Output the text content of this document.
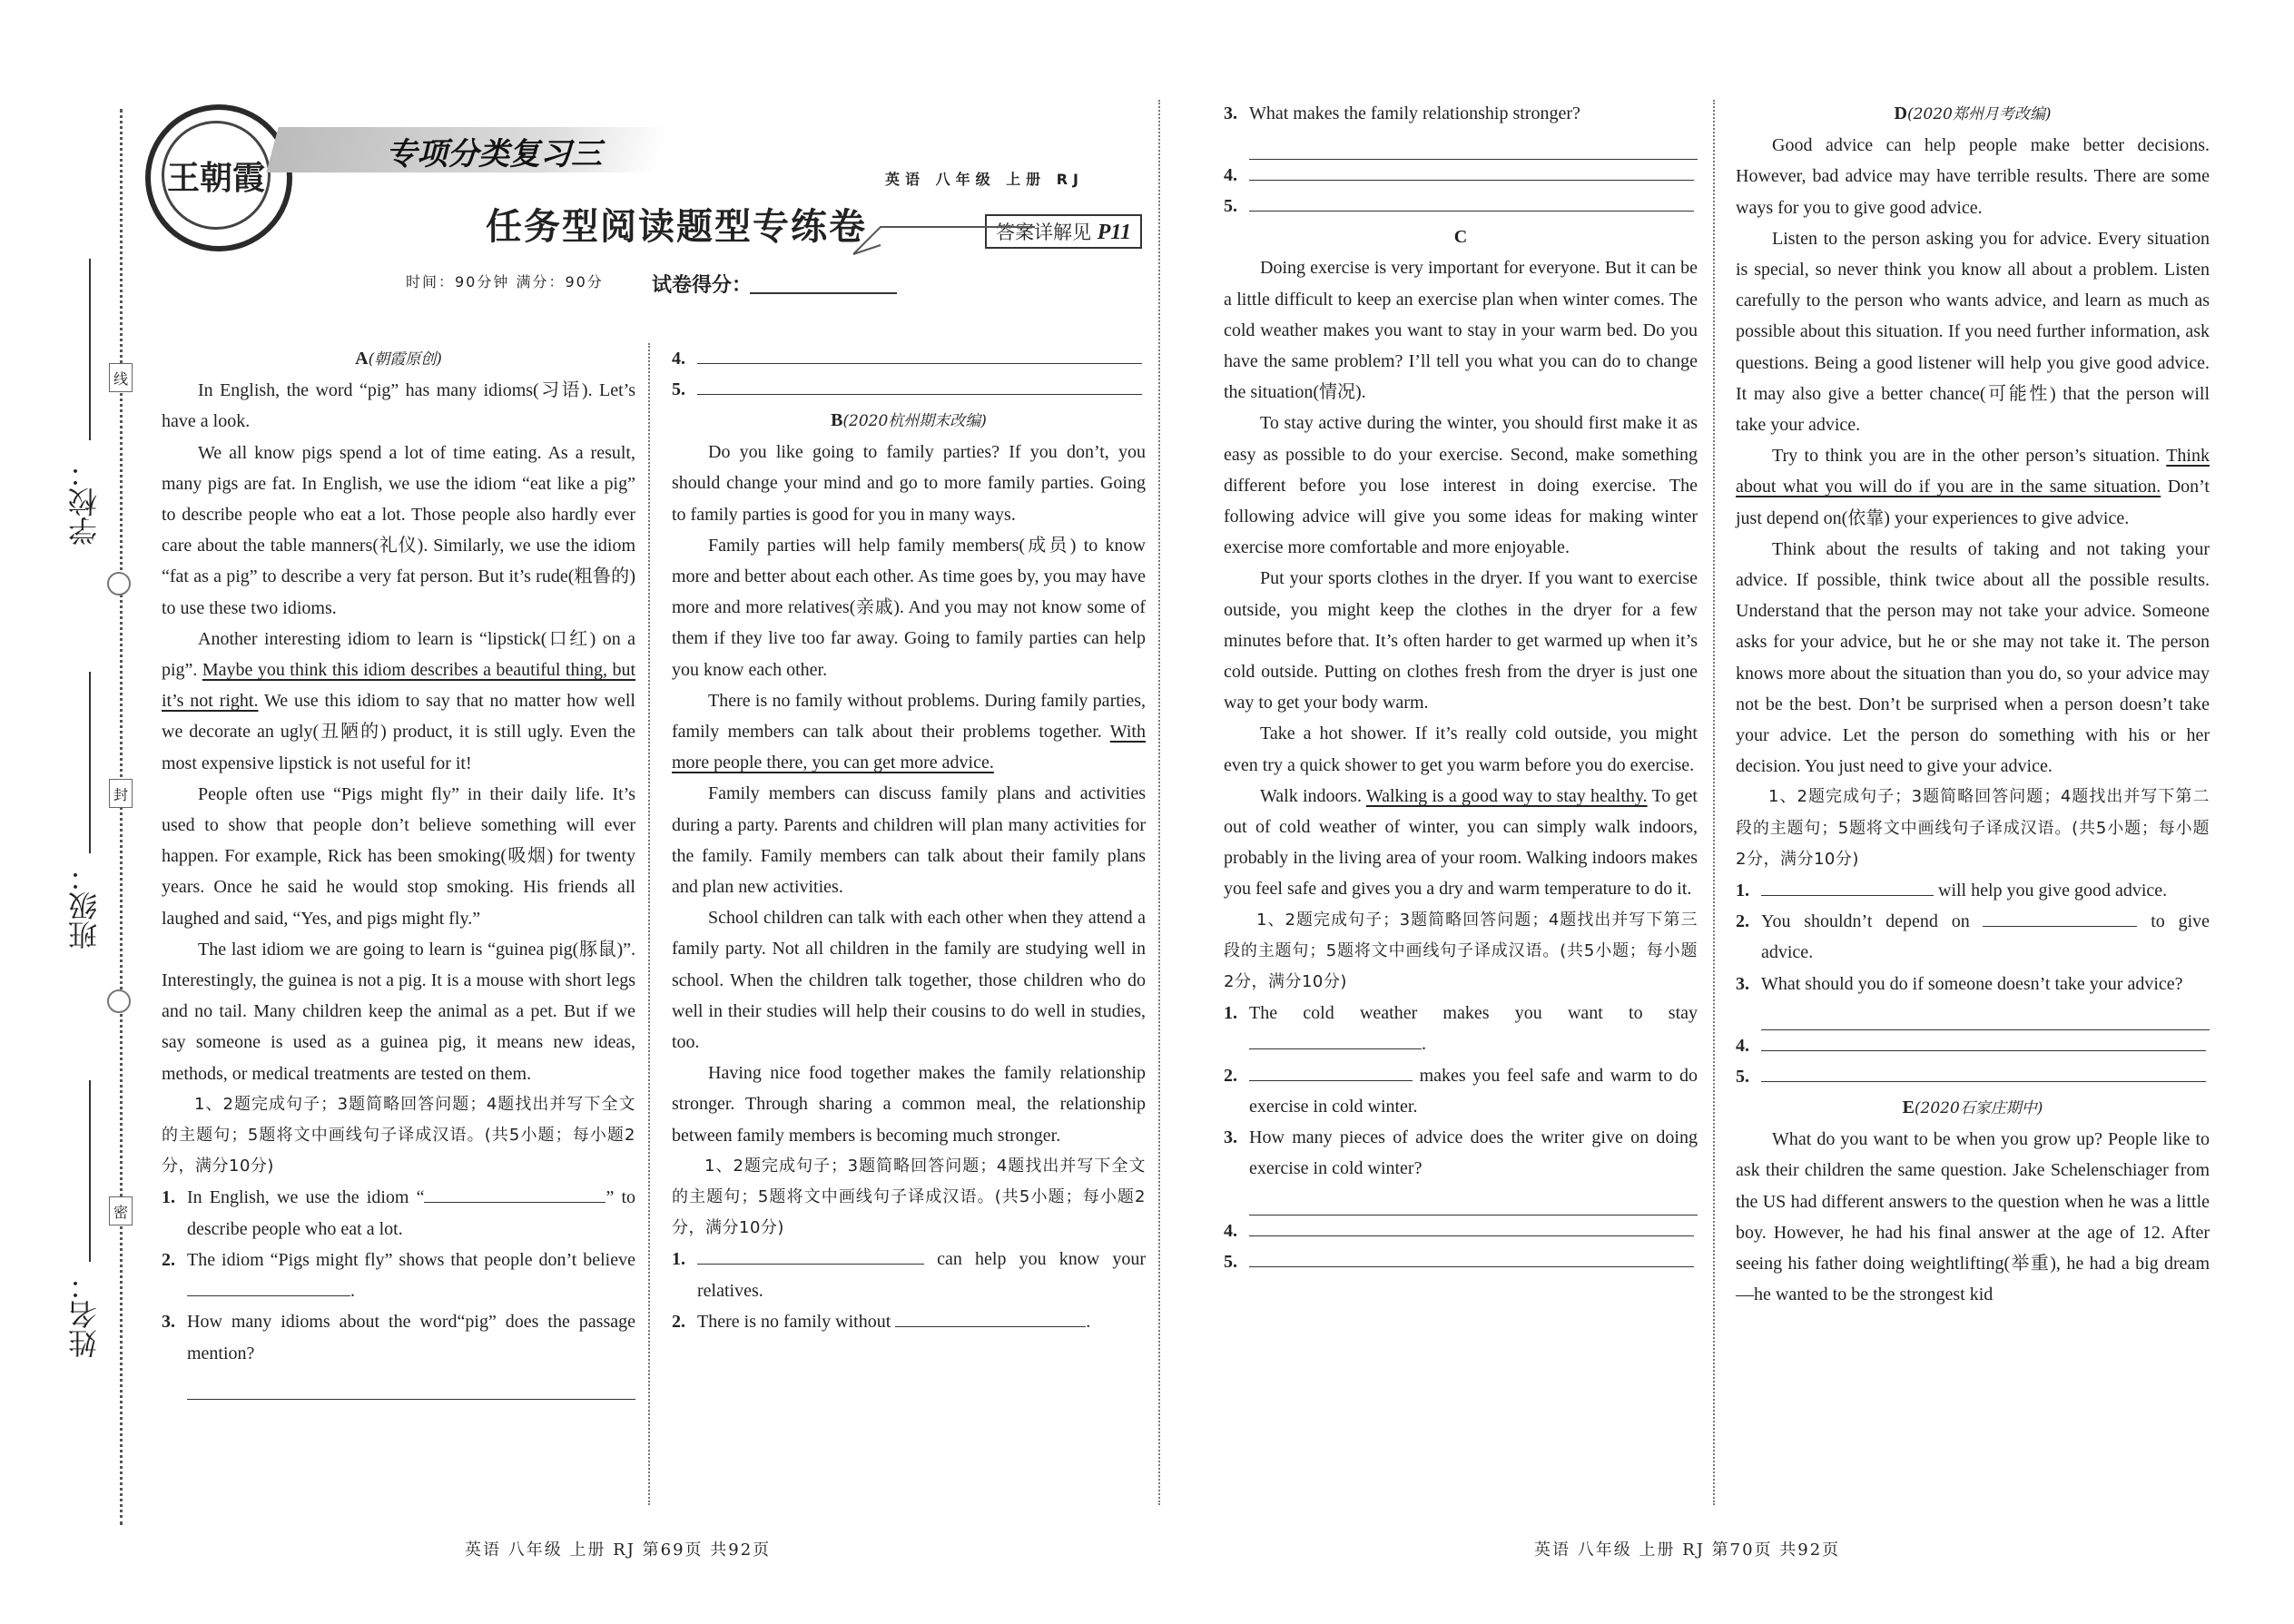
学校：
班级：
姓名：
线
封
密
王朝霞
专项分类复习三
任务型阅读题型专练卷
英语 八年级 上册 RJ
答案详解见 P11
时间：90分钟 满分：90分 试卷得分：

A(朝霞原创)

In English, the word “pig” has many idioms(习语). Let’s have a look.

We all know pigs spend a lot of time eating. As a result, many pigs are fat. In English, we use the idiom “eat like a pig” to describe people who eat a lot. Those people also hardly ever care about the table manners(礼仪). Similarly, we use the idiom “fat as a pig” to describe a very fat person. But it’s rude(粗鲁的) to use these two idioms.

Another interesting idiom to learn is “lipstick(口红) on a pig”. Maybe you think this idiom describes a beautiful thing, but it’s not right. We use this idiom to say that no matter how well we decorate an ugly(丑陋的) product, it is still ugly. Even the most expensive lipstick is not useful for it!

People often use “Pigs might fly” in their daily life. It’s used to show that people don’t believe something will ever happen. For example, Rick has been smoking(吸烟) for twenty years. Once he said he would stop smoking. His friends all laughed and said, “Yes, and pigs might fly.”

The last idiom we are going to learn is “guinea pig(豚鼠)”. Interestingly, the guinea is not a pig. It is a mouse with short legs and no tail. Many children keep the animal as a pet. But if we say someone is used as a guinea pig, it means new ideas, methods, or medical treatments are tested on them.

1、2题完成句子；3题简略回答问题；4题找出并写下全文的主题句；5题将文中画线句子译成汉语。(共5小题；每小题2分，满分10分)

1. In English, we use the idiom “	” to describe people who eat a lot.

2. The idiom “Pigs might fly” shows that people don’t believe .

3. How many idioms about the word“pig” does the passage mention?

4.

5.

B(2020杭州期末改编)

Do you like going to family parties? If you don’t, you should change your mind and go to more family parties. Going to family parties is good for you in many ways.

Family parties will help family members(成员) to know more and better about each other. As time goes by, you may have more and more relatives(亲戚). And you may not know some of them if they live too far away. Going to family parties can help you know each other.

There is no family without problems. During family parties, family members can talk about their problems together. With more people there, you can get more advice.

Family members can discuss family plans and activities during a party. Parents and children will plan many activities for the family. Family members can talk about their family plans and plan new activities.

School children can talk with each other when they attend a family party. Not all children in the family are studying well in school. When the children talk together, those children who do well in their studies will help their cousins to do well in studies, too.

Having nice food together makes the family relationship stronger. Through sharing a common meal, the relationship between family members is becoming much stronger.

1、2题完成句子；3题简略回答问题；4题找出并写下全文的主题句；5题将文中画线句子译成汉语。(共5小题；每小题2分，满分10分)

1.	can help you know your relatives.

2. There is no family without	.

3. What makes the family relationship stronger?

4.

5.

C

Doing exercise is very important for everyone. But it can be a little difficult to keep an exercise plan when winter comes. The cold weather makes you want to stay in your warm bed. Do you have the same problem? I’ll tell you what you can do to change the situation(情况).

To stay active during the winter, you should first make it as easy as possible to do your exercise. Second, make something different before you lose interest in doing exercise. The following advice will give you some ideas for making winter exercise more comfortable and more enjoyable.

Put your sports clothes in the dryer. If you want to exercise outside, you might keep the clothes in the dryer for a few minutes before that. It’s often harder to get warmed up when it’s cold outside. Putting on clothes fresh from the dryer is just one way to get your body warm.

Take a hot shower. If it’s really cold outside, you might even try a quick shower to get you warm before you do exercise.

Walk indoors. Walking is a good way to stay healthy. To get out of cold weather of winter, you can simply walk indoors, probably in the living area of your room. Walking indoors makes you feel safe and gives you a dry and warm temperature to do it.

1、2题完成句子；3题简略回答问题；4题找出并写下第三段的主题句；5题将文中画线句子译成汉语。(共5小题；每小题2分，满分10分)

1. The cold weather makes you want to stay .

2.	makes you feel safe and warm to do exercise in cold winter.

3. How many pieces of advice does the writer give on doing exercise in cold winter?

4.

5.

D(2020郑州月考改编)

Good advice can help people make better decisions. However, bad advice may have terrible results. There are some ways for you to give good advice.

Listen to the person asking you for advice. Every situation is special, so never think you know all about a problem. Listen carefully to the person who wants advice, and learn as much as possible about this situation. If you need further information, ask questions. Being a good listener will help you give good advice. It may also give a better chance(可能性) that the person will take your advice.

Try to think you are in the other person’s situation. Think about what you will do if you are in the same situation. Don’t just depend on(依靠) your experiences to give advice.

Think about the results of taking and not taking your advice. If possible, think twice about all the possible results. Understand that the person may not take your advice. Someone asks for your advice, but he or she may not take it. The person knows more about the situation than you do, so your advice may not be the best. Don’t be surprised when a person doesn’t take your advice. Let the person do something with his or her decision. You just need to give your advice.

1、2题完成句子；3题简略回答问题；4题找出并写下第二段的主题句；5题将文中画线句子译成汉语。(共5小题；每小题2分，满分10分)

1.	will help you give good advice.

2. You shouldn’t depend on	to give advice.

3. What should you do if someone doesn’t take your advice?

4.

5.

E(2020石家庄期中)

What do you want to be when you grow up? People like to ask their children the same question. Jake Schelenschiager from the US had different answers to the question when he was a little boy. However, he had his final answer at the age of 12. After seeing his father doing weightlifting(举重), he had a big dream—he wanted to be the strongest kid

英语 八年级 上册 RJ 第69页 共92页	英语 八年级 上册 RJ 第70页 共92页
